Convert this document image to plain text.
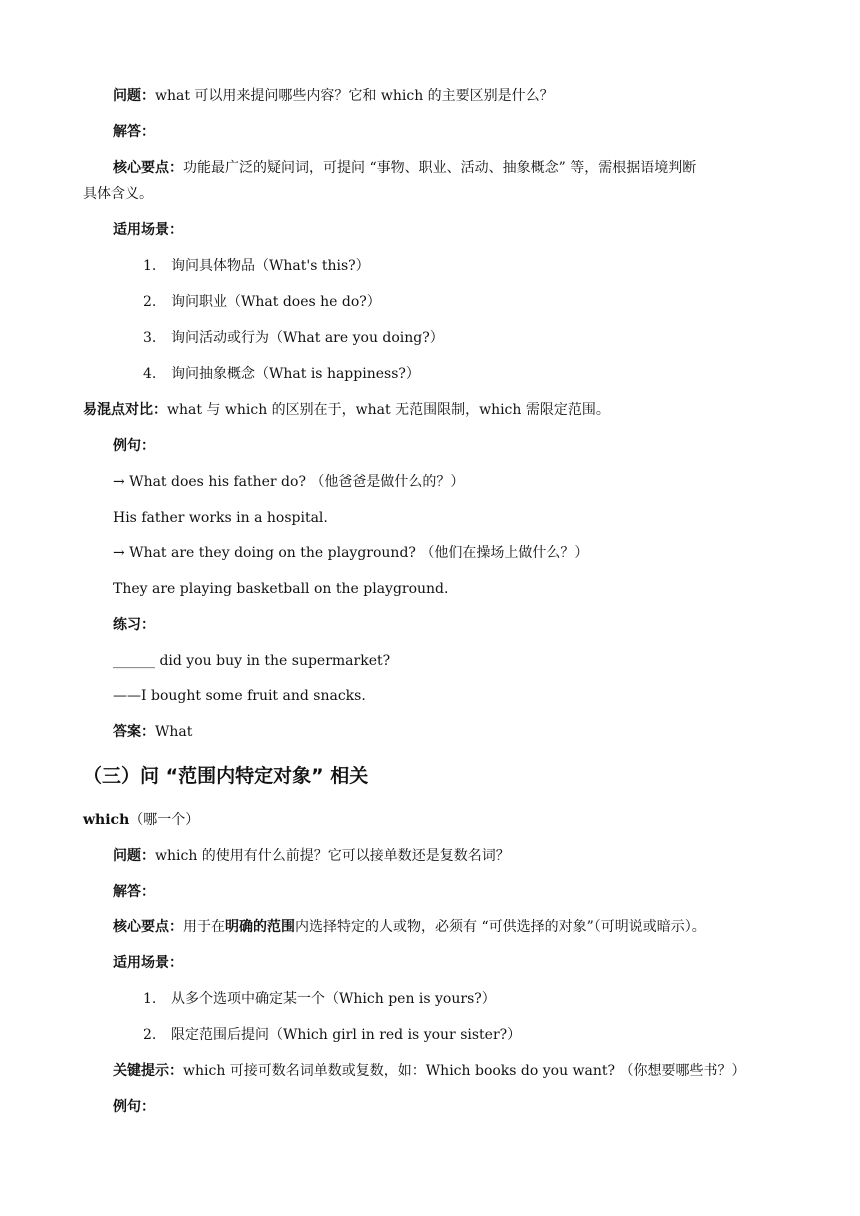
问题：what 可以用来提问哪些内容？它和 which 的主要区别是什么？
解答：
核心要点：功能最广泛的疑问词，可提问 “事物、职业、活动、抽象概念” 等，需根据语境判断
具体含义。
适用场景：
1. 询问具体物品（What's this?）
2. 询问职业（What does he do?）
3. 询问活动或行为（What are you doing?）
4. 询问抽象概念（What is happiness?）
易混点对比：what 与 which 的区别在于，what 无范围限制，which 需限定范围。
例句：
→ What does his father do? （他爸爸是做什么的？）
His father works in a hospital.
→ What are they doing on the playground? （他们在操场上做什么？）
They are playing basketball on the playground.
练习：
______ did you buy in the supermarket?
——I bought some fruit and snacks.
答案：What
（三）问 “范围内特定对象” 相关
which（哪一个）
问题：which 的使用有什么前提？它可以接单数还是复数名词？
解答：
核心要点：用于在明确的范围内选择特定的人或物，必须有 “可供选择的对象”（可明说或暗示）。
适用场景：
1. 从多个选项中确定某一个（Which pen is yours?）
2. 限定范围后提问（Which girl in red is your sister?）
关键提示：which 可接可数名词单数或复数，如：Which books do you want? （你想要哪些书？）
例句：
